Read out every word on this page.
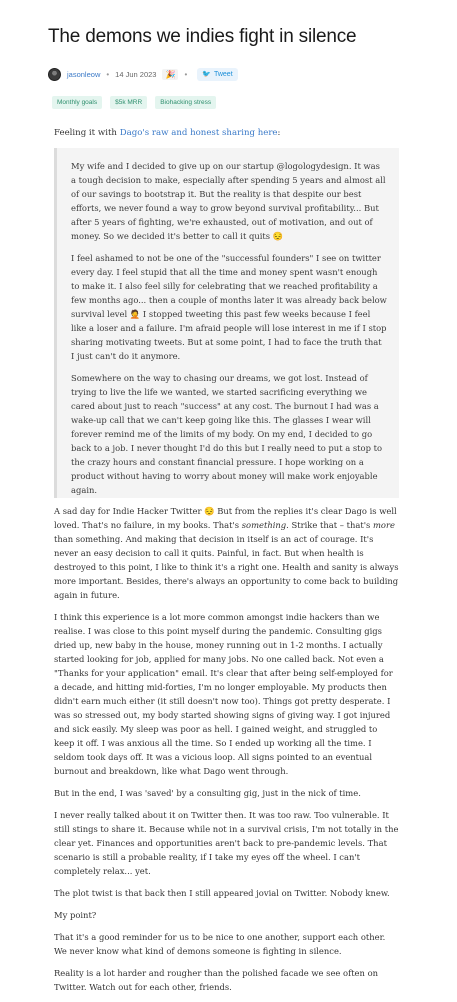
The demons we indies fight in silence
jasonleow • 14 Jun 2023	🎉	• 🐦 Tweet
Monthly goals	$5k MRR	Biohacking stress

Feeling it with Dago's raw and honest sharing here:

My wife and I decided to give up on our startup @logologydesign. It was a tough decision to make, especially after spending 5 years and almost all of our savings to bootstrap it. But the reality is that despite our best efforts, we never found a way to grow beyond survival profitability... But after 5 years of fighting, we're exhausted, out of motivation, and out of money. So we decided it's better to call it quits 😔

I feel ashamed to not be one of the "successful founders" I see on twitter every day. I feel stupid that all the time and money spent wasn't enough to make it. I also feel silly for celebrating that we reached profitability a few months ago... then a couple of months later it was already back below survival level 🤦 I stopped tweeting this past few weeks because I feel like a loser and a failure. I'm afraid people will lose interest in me if I stop sharing motivating tweets. But at some point, I had to face the truth that I just can't do it anymore.

Somewhere on the way to chasing our dreams, we got lost. Instead of trying to live the life we wanted, we started sacrificing everything we cared about just to reach "success" at any cost. The burnout I had was a wake-up call that we can't keep going like this. The glasses I wear will forever remind me of the limits of my body. On my end, I decided to go back to a job. I never thought I'd do this but I really need to put a stop to the crazy hours and constant financial pressure. I hope working on a product without having to worry about money will make work enjoyable again.

A sad day for Indie Hacker Twitter 😔 But from the replies it's clear Dago is well loved. That's no failure, in my books. That's something. Strike that – that's more than something. And making that decision in itself is an act of courage. It's never an easy decision to call it quits. Painful, in fact. But when health is destroyed to this point, I like to think it's a right one. Health and sanity is always more important. Besides, there's always an opportunity to come back to building again in future.

I think this experience is a lot more common amongst indie hackers than we realise. I was close to this point myself during the pandemic. Consulting gigs dried up, new baby in the house, money running out in 1-2 months. I actually started looking for job, applied for many jobs. No one called back. Not even a "Thanks for your application" email. It's clear that after being self-employed for a decade, and hitting mid-forties, I'm no longer employable. My products then didn't earn much either (it still doesn't now too). Things got pretty desperate. I was so stressed out, my body started showing signs of giving way. I got injured and sick easily. My sleep was poor as hell. I gained weight, and struggled to keep it off. I was anxious all the time. So I ended up working all the time. I seldom took days off. It was a vicious loop. All signs pointed to an eventual burnout and breakdown, like what Dago went through.

But in the end, I was 'saved' by a consulting gig, just in the nick of time.

I never really talked about it on Twitter then. It was too raw. Too vulnerable. It still stings to share it. Because while not in a survival crisis, I'm not totally in the clear yet. Finances and opportunities aren't back to pre-pandemic levels. That scenario is still a probable reality, if I take my eyes off the wheel. I can't completely relax... yet.

The plot twist is that back then I still appeared jovial on Twitter. Nobody knew.

My point?

That it's a good reminder for us to be nice to one another, support each other. We never know what kind of demons someone is fighting in silence.

Reality is a lot harder and rougher than the polished facade we see often on Twitter. Watch out for each other, friends.
